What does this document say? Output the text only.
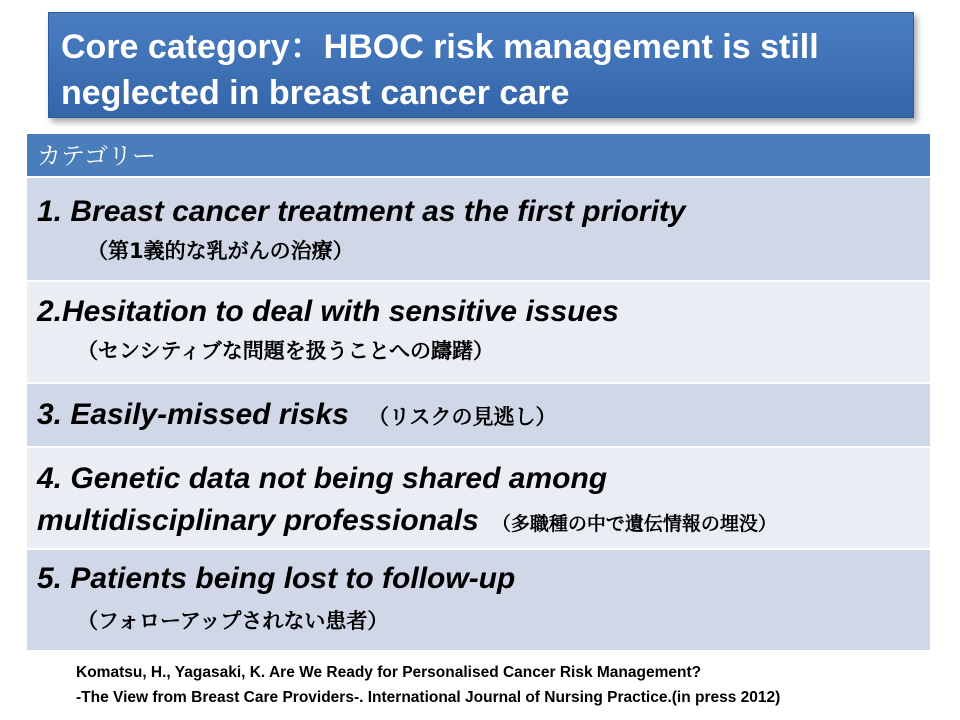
Core category：HBOC risk management is still
neglected in breast cancer care
カテゴリー
1. Breast cancer treatment as the first priority
（第1義的な乳がんの治療）
2.Hesitation to deal with sensitive issues
（センシティブな問題を扱うことへの躊躇）
3. Easily-missed risks （リスクの見逃し）
4. Genetic data not being shared among
multidisciplinary professionals （多職種の中で遺伝情報の埋没）
5. Patients being lost to follow-up
（フォローアップされない患者）
Komatsu, H., Yagasaki, K. Are We Ready for Personalised Cancer Risk Management?
-The View from Breast Care Providers-. International Journal of Nursing Practice.(in press 2012)
